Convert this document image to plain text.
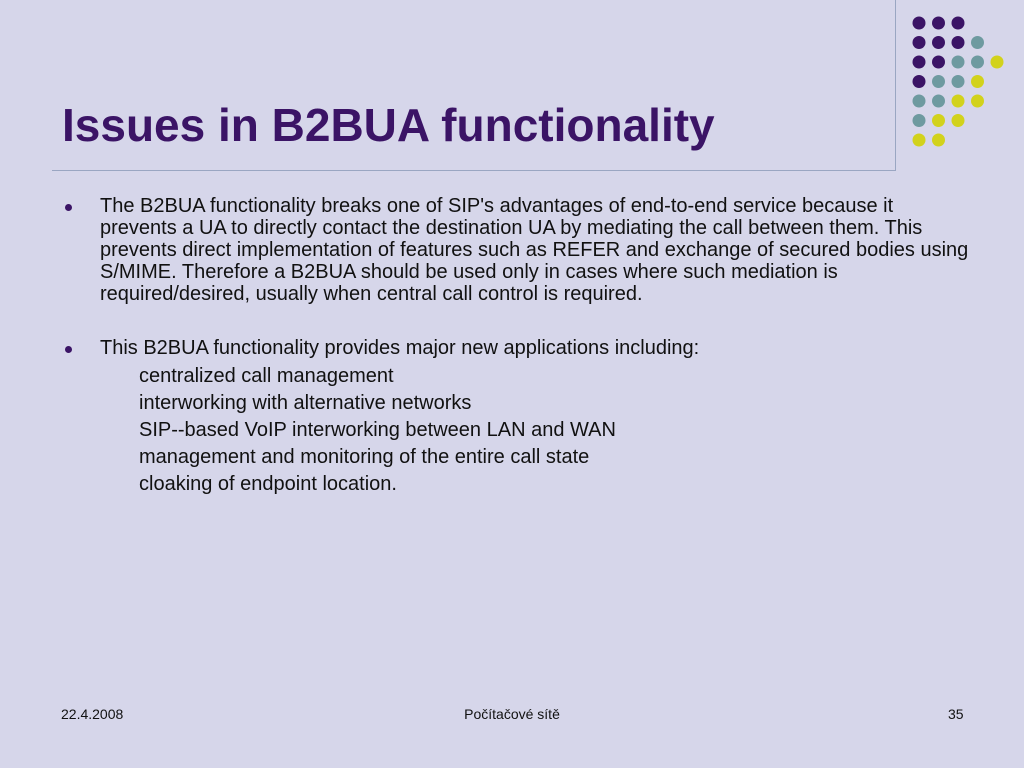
Issues in B2BUA functionality
The B2BUA functionality breaks one of SIP's advantages of end-to-end service because it prevents a UA to directly contact the destination UA by mediating the call between them. This prevents direct implementation of features such as REFER and exchange of secured bodies using S/MIME. Therefore a B2BUA should be used only in cases where such mediation is required/desired, usually when central call control is required.
This B2BUA functionality provides major new applications including:
centralized call management
interworking with alternative networks
SIP--based VoIP interworking between LAN and WAN
management and monitoring of the entire call state
cloaking of endpoint location.
22.4.2008	Počítačové sítě	35
